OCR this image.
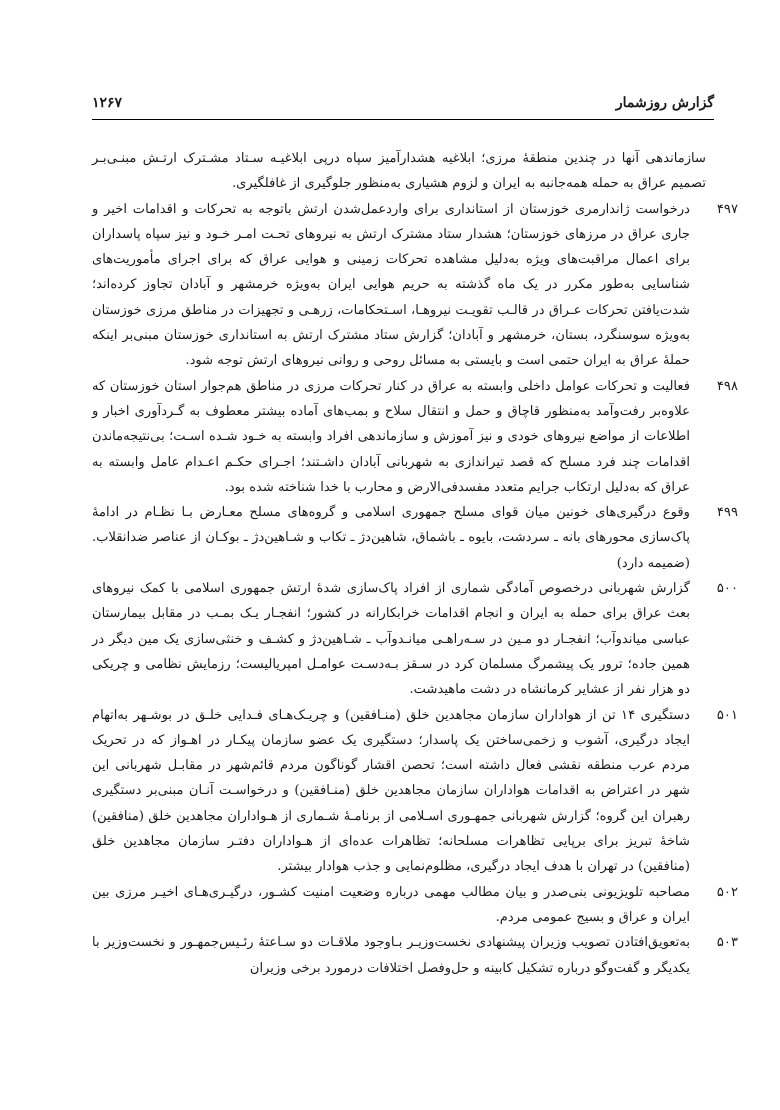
گزارش روزشمار
۱۲۶۷
سازماندهی آنها در چندین منطقهٔ مرزی؛ ابلاغیه هشدارآمیز سپاه درپی ابلاغیـه سـتاد مشـترک ارتـش مبنـی‌بـر تصمیم عراق به حمله همه‌جانبه به ایران و لزوم هشیاری به‌منظور جلوگیری از غافلگیری.
۴۹۷
درخواست ژاندارمری خوزستان از استانداری برای واردعمل‌شدن ارتش باتوجه به تحرکات و اقدامات اخیر و جاری عراق در مرزهای خوزستان؛ هشدار ستاد مشترک ارتش به نیروهای تحـت امـر خـود و نیز سپاه پاسداران برای اعمال مراقبت‌های ویژه به‌دلیل مشاهده تحرکات زمینی و هوایی عراق که برای اجرای مأموریت‌های شناسایی به‌طور مکرر در یک ماه گذشته به حریم هوایی ایران به‌ویژه خرمشهر و آبادان تجاوز کرده‌اند؛ شدت‌یافتن تحرکات عـراق در قالـب تقویـت نیروهـا، اسـتحکامات، زرهـی و تجهیزات در مناطق مرزی خوزستان به‌ویژه سوسنگرد، بستان، خرمشهر و آبادان؛ گزارش ستاد مشترک ارتش به استانداری خوزستان مبنی‌بر اینکه حملهٔ عراق به ایران حتمی است و بایستی به مسائل روحی و روانی نیروهای ارتش توجه شود.
۴۹۸
فعالیت و تحرکات عوامل داخلی وابسته به عراق در کنار تحرکات مرزی در مناطق هم‌جوار استان خوزستان که علاوه‌بر رفت‌وآمد به‌منظور قاچاق و حمل و انتقال سلاح و بمب‌های آماده بیشتر معطوف به گـردآوری اخبار و اطلاعات از مواضع نیروهای خودی و نیز آموزش و سازماندهی افراد وابسته به خـود شـده اسـت؛ بی‌نتیجه‌ماندن اقدامات چند فرد مسلح که قصد تیراندازی به شهربانی آبادان داشـتند؛ اجـرای حکـم اعـدام عامل وابسته به عراق که به‌دلیل ارتکاب جرایم متعدد مفسدفی‌الارض و محارب با خدا شناخته شده بود.
۴۹۹
وقوع درگیری‌های خونین میان قوای مسلح جمهوری اسلامی و گروه‌های مسلح معـارض بـا نظـام در ادامهٔ پاک‌سازی محورهای بانه ـ سردشت، بایوه ـ باشماق، شاهین‌دژ ـ تکاب و شـاهین‌دژ ـ بوکـان از عناصر ضدانقلاب. (ضمیمه دارد)
۵۰۰
گزارش شهربانی درخصوص آمادگی شماری از افراد پاک‌سازی شدهٔ ارتش جمهوری اسلامی با کمک نیروهای بعث عراق برای حمله به ایران و انجام اقدامات خرابکارانه در کشور؛ انفجـار یـک بمـب در مقابل بیمارستان عباسی میاندوآب؛ انفجـار دو مـین در سـه‌راهـی میانـدوآب ـ شـاهین‌دژ و کشـف و خنثی‌سازی یک مین دیگر در همین جاده؛ ترور یک پیشمرگ مسلمان کرد در سـقز بـه‌دسـت عوامـل امپریالیست؛ رزمایش نظامی و چریکی دو هزار نفر از عشایر کرمانشاه در دشت ماهیدشت.
۵۰۱
دستگیری ۱۴ تن از هواداران سازمان مجاهدین خلق (منـافقین) و چریـک‌هـای فـدایی خلـق در بوشـهر به‌اتهام ایجاد درگیری، آشوب و زخمی‌ساختن یک پاسدار؛ دستگیری یک عضو سازمان پیکـار در اهـواز که در تحریک مردم عرب منطقه نقشی فعال داشته است؛ تحصن اقشار گوناگون مردم قائم‌شهر در مقابـل شهربانی این شهر در اعتراض به اقدامات هواداران سازمان مجاهدین خلق (منـافقین) و درخواسـت آنـان مبنی‌بر دستگیری رهبران این گروه؛ گزارش شهربانی جمهـوری اسـلامی از برنامـهٔ شـماری از هـواداران مجاهدین خلق (منافقین) شاخهٔ تبریز برای برپایی تظاهرات مسلحانه؛ تظاهرات عده‌ای از هـواداران دفتـر سازمان مجاهدین خلق (منافقین) در تهران با هدف ایجاد درگیری، مظلوم‌نمایی و جذب هوادار بیشتر.
۵۰۲
مصاحبه تلویزیونی بنی‌صدر و بیان مطالب مهمی درباره وضعیت امنیت کشـور، درگیـری‌هـای اخیـر مرزی بین ایران و عراق و بسیج عمومی مردم.
۵۰۳
به‌تعویق‌افتادن تصویب وزیران پیشنهادی نخست‌وزیـر بـاوجود ملاقـات دو سـاعتهٔ رئـیس‌جمهـور و نخست‌وزیر با یکدیگر و گفت‌وگو درباره تشکیل کابینه و حل‌وفصل اختلافات درمورد برخی وزیران
